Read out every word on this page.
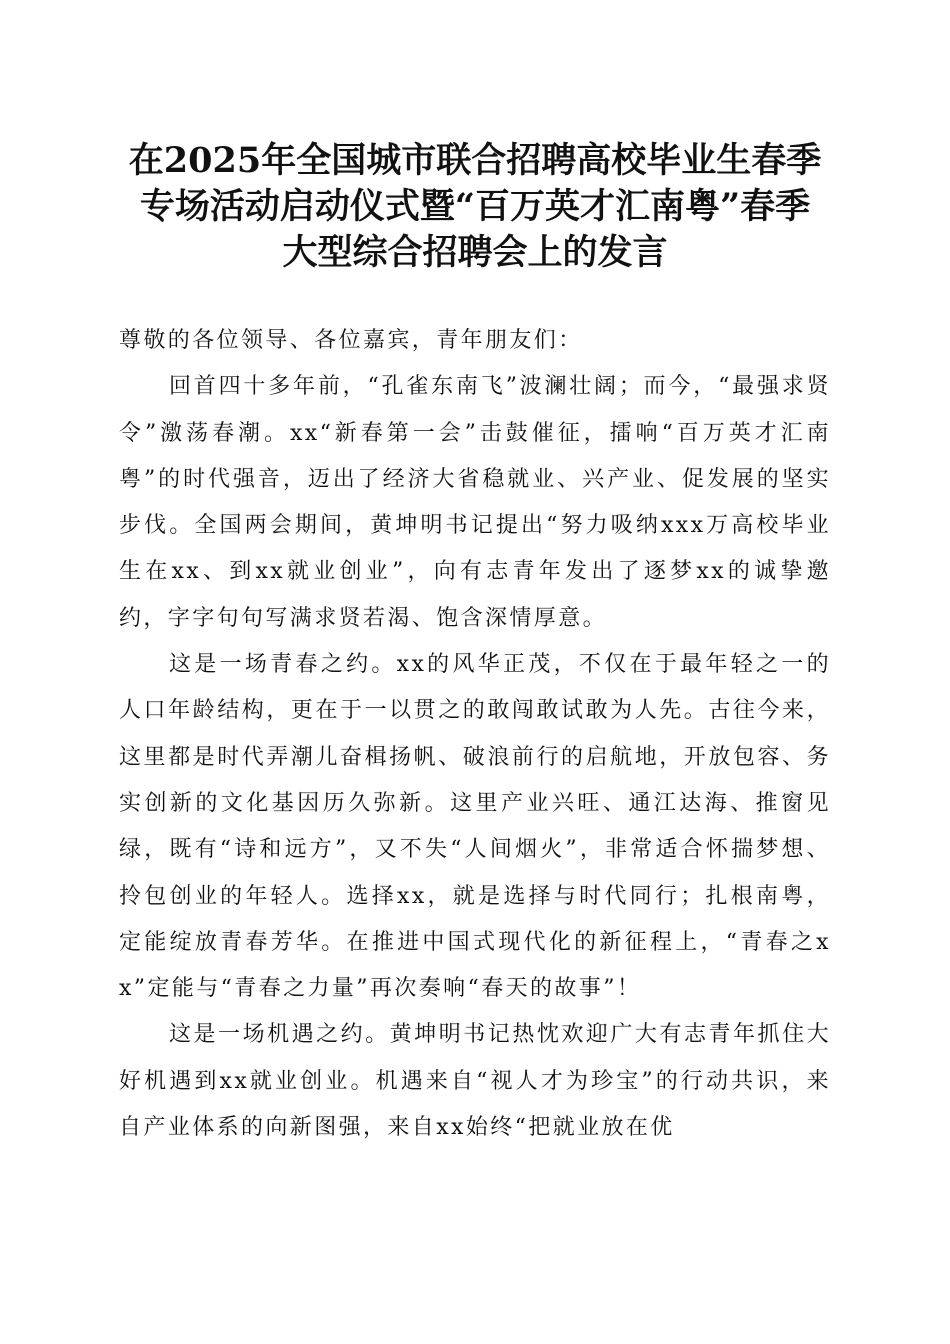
在2025年全国城市联合招聘高校毕业生春季
专场活动启动仪式暨“百万英才汇南粤”春季
大型综合招聘会上的发言

尊敬的各位领导、各位嘉宾，青年朋友们：

回首四十多年前，“孔雀东南飞”波澜壮阔；而今，“最强求贤令”激荡春潮。xx“新春第一会”击鼓催征，擂响“百万英才汇南粤”的时代强音，迈出了经济大省稳就业、兴产业、促发展的坚实步伐。全国两会期间，黄坤明书记提出“努力吸纳xxx万高校毕业生在xx、到xx就业创业”，向有志青年发出了逐梦xx的诚挚邀约，字字句句写满求贤若渴、饱含深情厚意。

这是一场青春之约。xx的风华正茂，不仅在于最年轻之一的人口年龄结构，更在于一以贯之的敢闯敢试敢为人先。古往今来，这里都是时代弄潮儿奋楫扬帆、破浪前行的启航地，开放包容、务实创新的文化基因历久弥新。这里产业兴旺、通江达海、推窗见绿，既有“诗和远方”，又不失“人间烟火”，非常适合怀揣梦想、拎包创业的年轻人。选择xx，就是选择与时代同行；扎根南粤，定能绽放青春芳华。在推进中国式现代化的新征程上，“青春之xx”定能与“青春之力量”再次奏响“春天的故事”！

这是一场机遇之约。黄坤明书记热忱欢迎广大有志青年抓住大好机遇到xx就业创业。机遇来自“视人才为珍宝”的行动共识，来自产业体系的向新图强，来自xx始终“把就业放在优
